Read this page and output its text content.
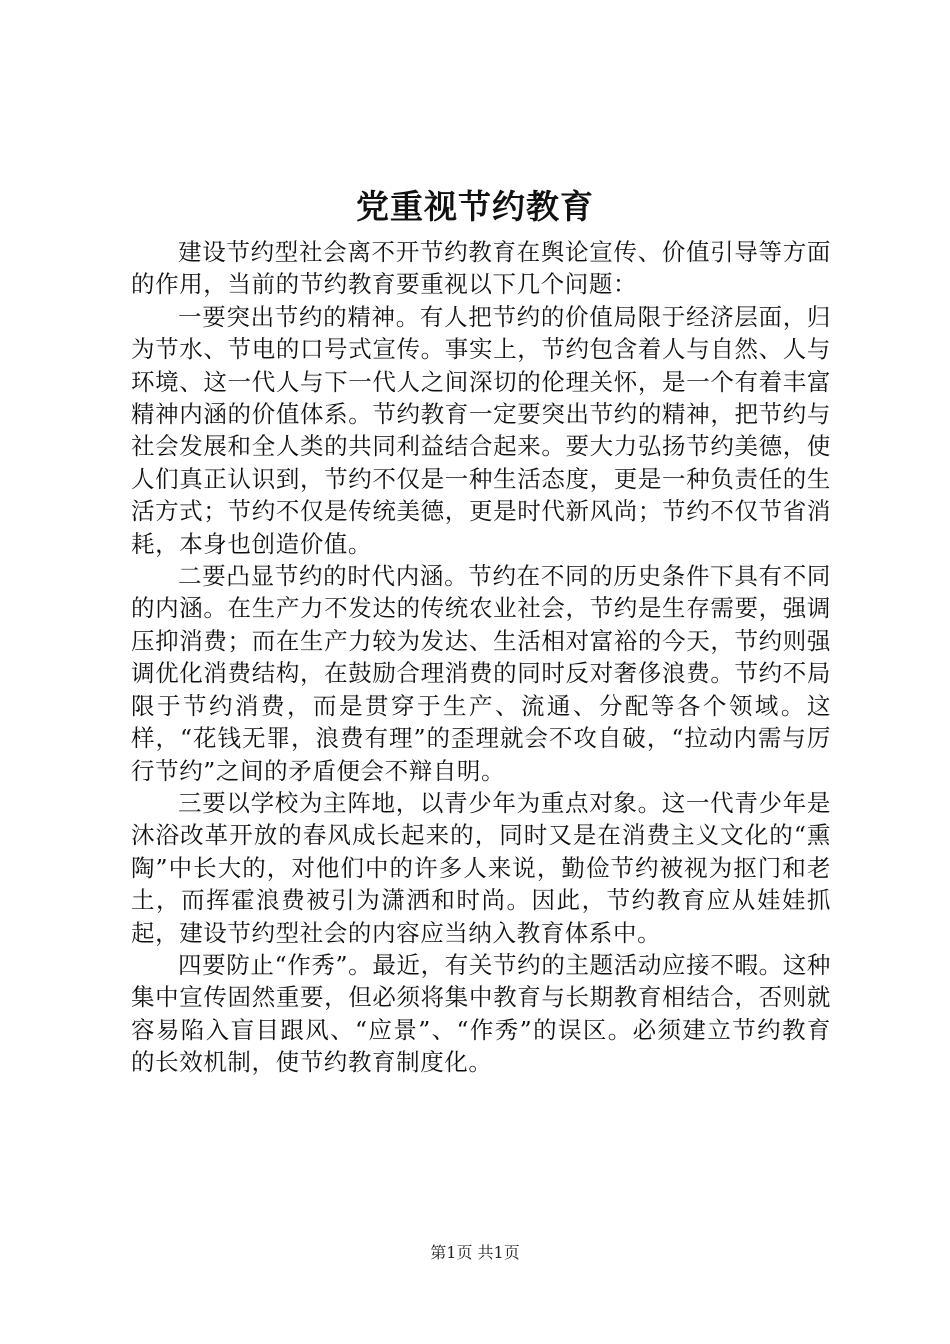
党重视节约教育

建设节约型社会离不开节约教育在舆论宣传、价值引导等方面的作用，当前的节约教育要重视以下几个问题：

一要突出节约的精神。有人把节约的价值局限于经济层面，归为节水、节电的口号式宣传。事实上，节约包含着人与自然、人与环境、这一代人与下一代人之间深切的伦理关怀，是一个有着丰富精神内涵的价值体系。节约教育一定要突出节约的精神，把节约与社会发展和全人类的共同利益结合起来。要大力弘扬节约美德，使人们真正认识到，节约不仅是一种生活态度，更是一种负责任的生活方式；节约不仅是传统美德，更是时代新风尚；节约不仅节省消耗，本身也创造价值。

二要凸显节约的时代内涵。节约在不同的历史条件下具有不同的内涵。在生产力不发达的传统农业社会，节约是生存需要，强调压抑消费；而在生产力较为发达、生活相对富裕的今天，节约则强调优化消费结构，在鼓励合理消费的同时反对奢侈浪费。节约不局限于节约消费，而是贯穿于生产、流通、分配等各个领域。这样，“花钱无罪，浪费有理”的歪理就会不攻自破，“拉动内需与厉行节约”之间的矛盾便会不辩自明。

三要以学校为主阵地，以青少年为重点对象。这一代青少年是沐浴改革开放的春风成长起来的，同时又是在消费主义文化的“熏陶”中长大的，对他们中的许多人来说，勤俭节约被视为抠门和老土，而挥霍浪费被引为潇洒和时尚。因此，节约教育应从娃娃抓起，建设节约型社会的内容应当纳入教育体系中。

四要防止“作秀”。最近，有关节约的主题活动应接不暇。这种集中宣传固然重要，但必须将集中教育与长期教育相结合，否则就容易陷入盲目跟风、“应景”、“作秀”的误区。必须建立节约教育的长效机制，使节约教育制度化。

第1页 共1页
